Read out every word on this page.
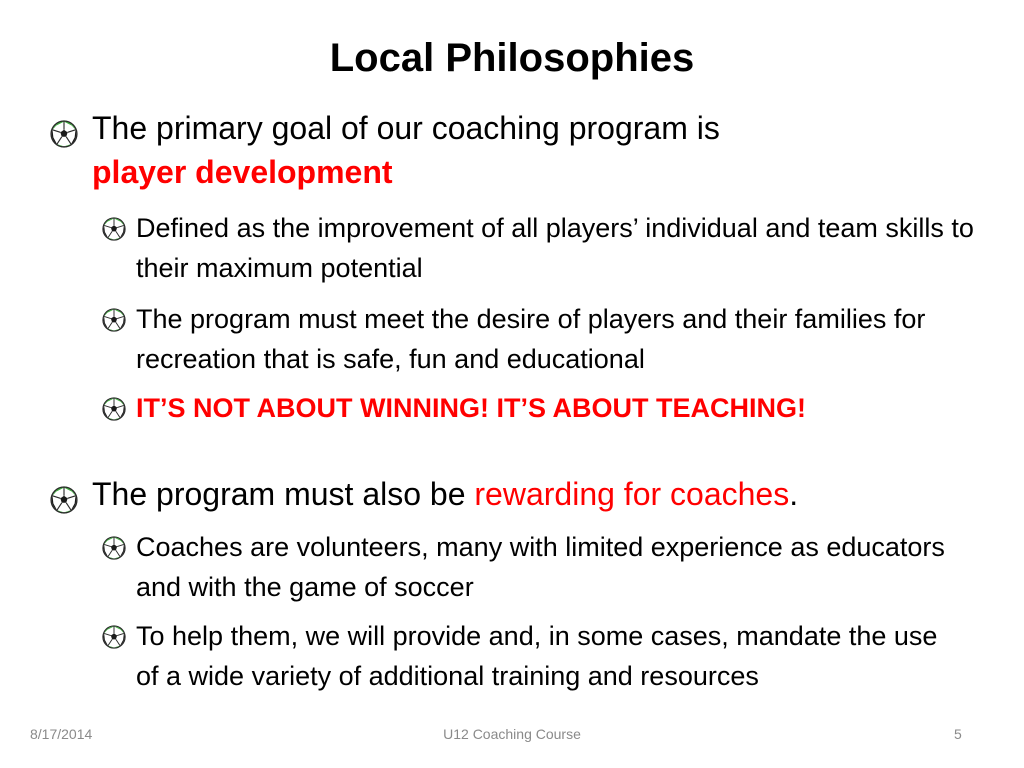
Local Philosophies
The primary goal of our coaching program is
player development
Defined as the improvement of all players’ individual and team skills to their maximum potential
The program must meet the desire of players and their families for recreation that is safe, fun and educational
IT’S NOT ABOUT WINNING! IT’S ABOUT TEACHING!
The program must also be rewarding for coaches.
Coaches are volunteers, many with limited experience as educators and with the game of soccer
To help them, we will provide and, in some cases, mandate the use of a wide variety of additional training and resources
8/17/2014	U12 Coaching Course	5
